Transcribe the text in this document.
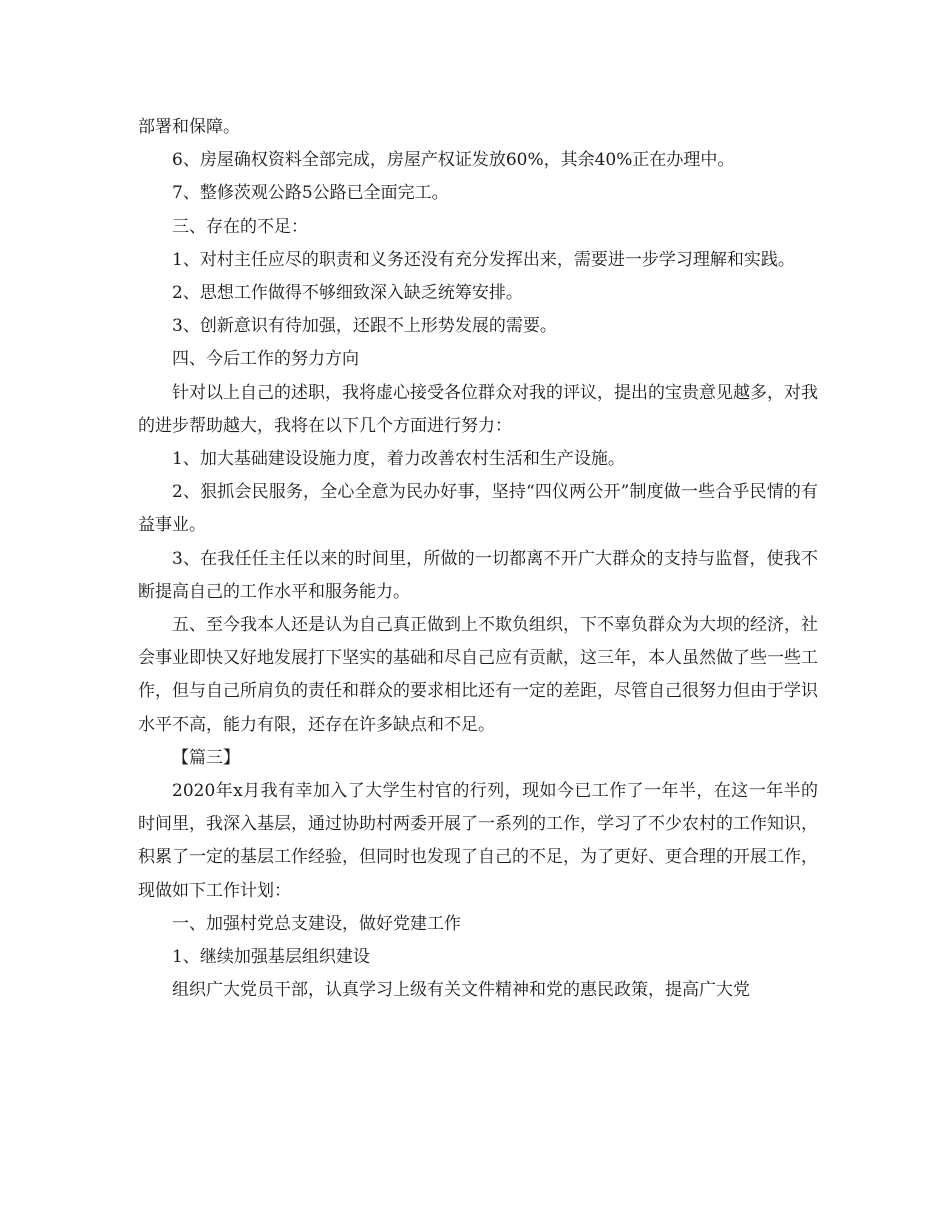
部署和保障。

6、房屋确权资料全部完成，房屋产权证发放60%，其余40%正在办理中。

7、整修茨观公路5公路已全面完工。

三、存在的不足：

1、对村主任应尽的职责和义务还没有充分发挥出来，需要进一步学习理解和实践。

2、思想工作做得不够细致深入缺乏统筹安排。

3、创新意识有待加强，还跟不上形势发展的需要。

四、今后工作的努力方向

针对以上自己的述职，我将虚心接受各位群众对我的评议，提出的宝贵意见越多，对我的进步帮助越大，我将在以下几个方面进行努力：

1、加大基础建设设施力度，着力改善农村生活和生产设施。

2、狠抓会民服务，全心全意为民办好事，坚持“四仪两公开”制度做一些合乎民情的有益事业。

3、在我任任主任以来的时间里，所做的一切都离不开广大群众的支持与监督，使我不断提高自己的工作水平和服务能力。

五、至今我本人还是认为自己真正做到上不欺负组织，下不辜负群众为大坝的经济，社会事业即快又好地发展打下坚实的基础和尽自己应有贡献，这三年，本人虽然做了些一些工作，但与自己所肩负的责任和群众的要求相比还有一定的差距，尽管自己很努力但由于学识水平不高，能力有限，还存在许多缺点和不足。

【篇三】

2020年x月我有幸加入了大学生村官的行列，现如今已工作了一年半，在这一年半的时间里，我深入基层，通过协助村两委开展了一系列的工作，学习了不少农村的工作知识，积累了一定的基层工作经验，但同时也发现了自己的不足，为了更好、更合理的开展工作，现做如下工作计划：

一、加强村党总支建设，做好党建工作

1、继续加强基层组织建设

组织广大党员干部，认真学习上级有关文件精神和党的惠民政策，提高广大党
